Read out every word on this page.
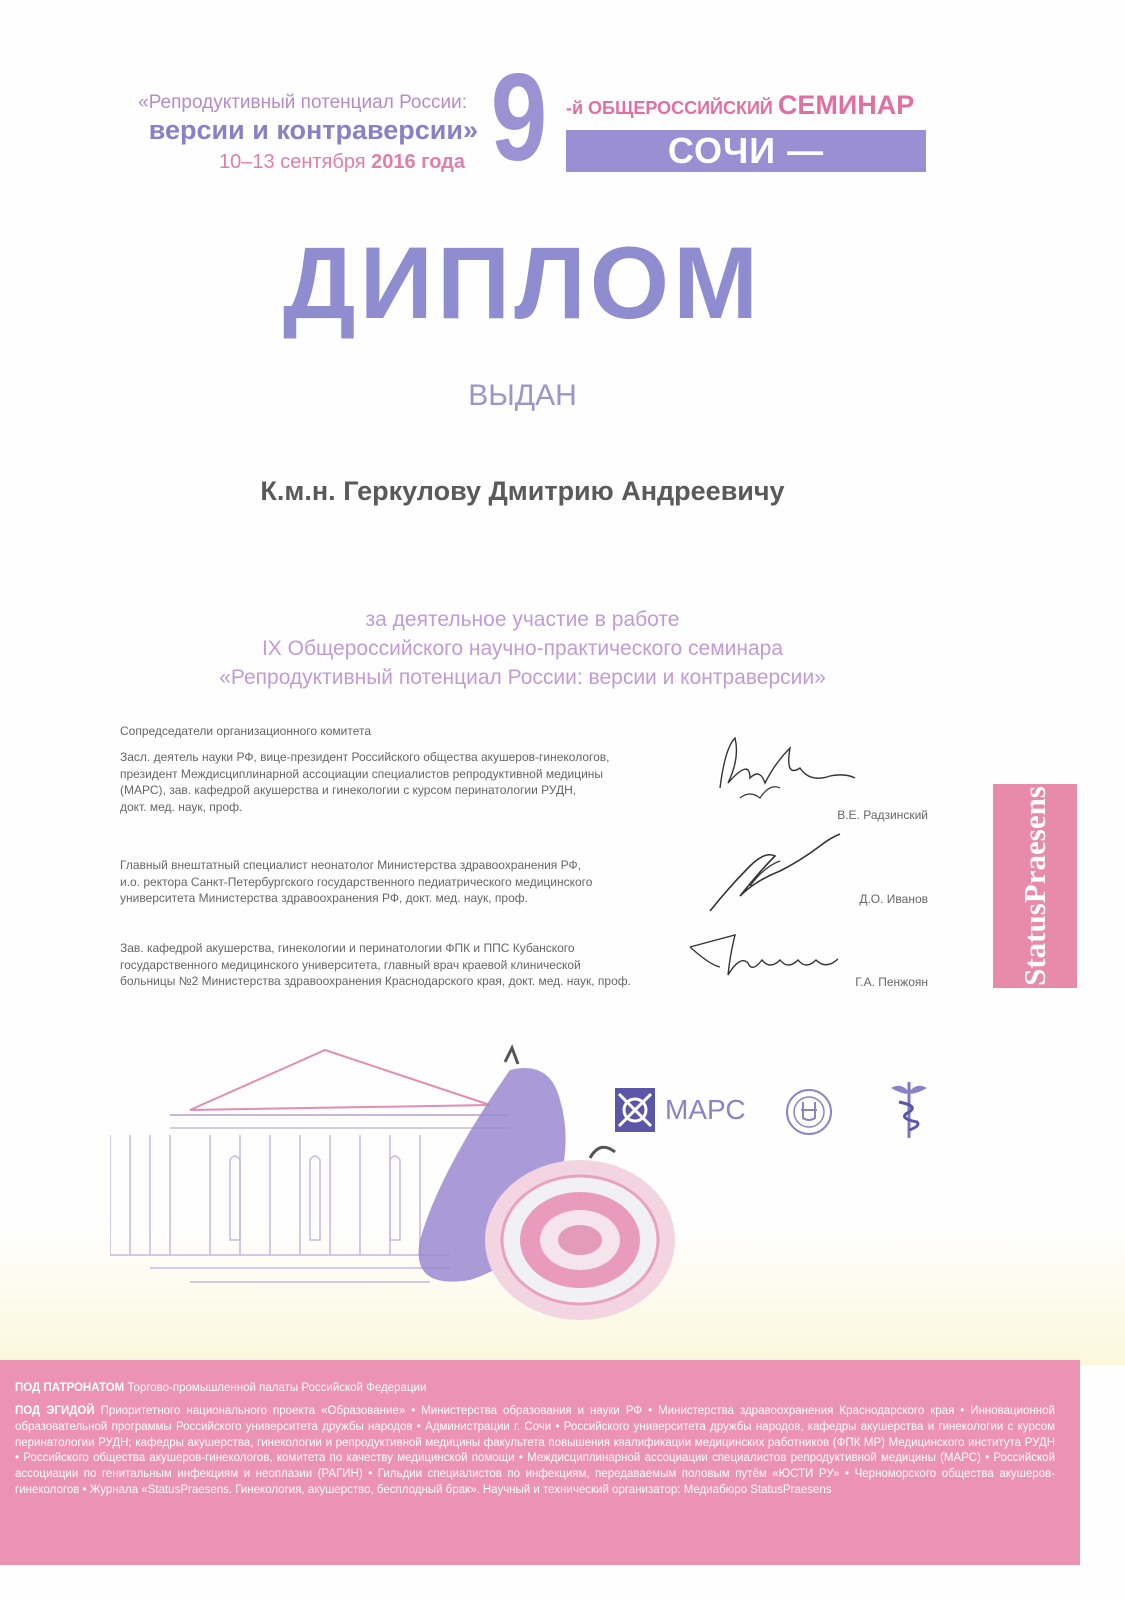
«Репродуктивный потенциал России:
версии и контраверсии»
10–13 сентября 2016 года 9 -й ОБЩЕРОССИЙСКИЙ СЕМИНАР
СОЧИ — СЕНТЯБРЬ
ДИПЛОМ
ВЫДАН
К.м.н. Геркулову Дмитрию Андреевичу
за деятельное участие в работе
IX Общероссийского научно-практического семинара
«Репродуктивный потенциал России: версии и контраверсии»
Сопредседатели организационного комитета
Засл. деятель науки РФ, вице-президент Российского общества акушеров-гинекологов,
президент Междисциплинарной ассоциации специалистов репродуктивной медицины
(МАРС), зав. кафедрой акушерства и гинекологии с курсом перинатологии РУДН,
докт. мед. наук, проф.
В.Е. Радзинский
Главный внештатный специалист неонатолог Министерства здравоохранения РФ,
и.о. ректора Санкт-Петербургского государственного педиатрического медицинского
университета Министерства здравоохранения РФ, докт. мед. наук, проф.	Д.О. Иванов
Зав. кафедрой акушерства, гинекологии и перинатологии ФПК и ППС Кубанского
государственного медицинского университета, главный врач краевой клинической
больницы №2 Министерства здравоохранения Краснодарского края, докт. мед. наук, проф.	Г.А. Пенжоян	StatusPraesens
МАРС
ПОД ПАТРОНАТОМ Торгово-промышленной палаты Российской Федерации
ПОД ЭГИДОЙ Приоритетного национального проекта «Образование» • Министерства образования и науки РФ • Министерства здравоохранения Краснодарского края • Инновационной образовательной программы Российского университета дружбы народов • Администрации г. Сочи • Российского университета дружбы народов, кафедры акушерства и гинекологии с курсом перинатологии РУДН; кафедры акушерства, гинекологии и репродуктивной медицины факультета повышения квалификации медицинских работников (ФПК МР) Медицинского института РУДН • Российского общества акушеров-гинекологов, комитета по качеству медицинской помощи • Междисциплинарной ассоциации специалистов репродуктивной медицины (МАРС) • Российской ассоциации по генитальным инфекциям и неоплазии (РАГИН) • Гильдии специалистов по инфекциям, передаваемым половым путём «ЮСТИ РУ» • Черноморского общества акушеров-гинекологов • Журнала «StatusPraesens. Гинекология, акушерство, бесплодный брак». Научный и технический организатор: Медиабюро StatusPraesens
